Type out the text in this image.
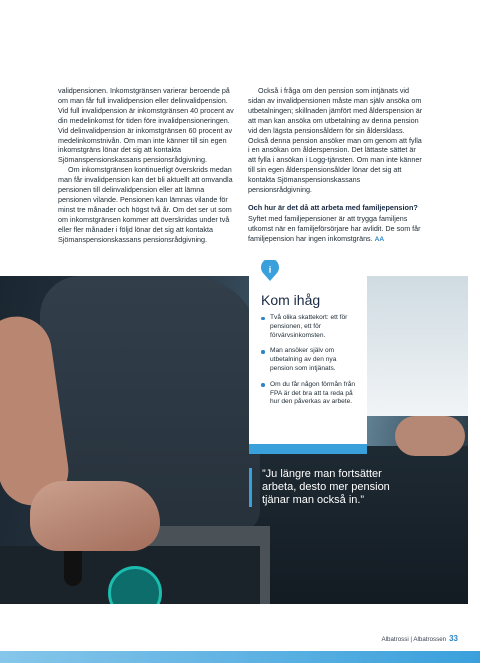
validpensionen. Inkomstgränsen varierar beroende på om man får full invalidpension eller delinvalidpension. Vid full invalidpension är inkomstgränsen 40 procent av din medelinkomst för tiden före invalidpensioneringen. Vid delinvalidpension är inkomstgränsen 60 procent av medelinkomstnivån. Om man inte känner till sin egen inkomstgräns lönar det sig att kontakta Sjömanspensionskassans pensionsrådgivning.

Om inkomstgränsen kontinuerligt överskrids medan man får invalidpension kan det bli aktuellt att omvandla pensionen till delinvalidpension eller att lämna pensionen vilande. Pensionen kan lämnas vilande för minst tre månader och högst två år. Om det ser ut som om inkomstgränsen kommer att överskridas under två eller fler månader i följd lönar det sig att kontakta Sjömanspensionskassans pensionsrådgivning.

Också i fråga om den pension som intjänats vid sidan av invalidpensionen måste man själv ansöka om utbetalningen; skillnaden jämfört med ålderspension är att man kan ansöka om utbetalning av denna pension vid den lägsta pensionsåldern för sin åldersklass. Också denna pension ansöker man om genom att fylla i en ansökan om ålderspension. Det lättaste sättet är att fylla i ansökan i Logg-tjänsten. Om man inte känner till sin egen ålderspensionsålder lönar det sig att kontakta Sjömanspensionskassans pensionsrådgivning.

Och hur är det då att arbeta med familjepension?

Syftet med familjepensioner är att trygga familjens utkomst när en familjeförsörjare har avlidit. De som får familjepension har ingen inkomstgräns. AA

i
Kom ihåg
Två olika skattekort: ett för pensionen, ett för förvärvsinkomsten.
Man ansöker själv om utbetalning av den nya pension som intjänats.
Om du får någon förmån från FPA är det bra att ta reda på hur den påverkas av arbete.
”Ju längre man fortsätter arbeta, desto mer pension tjänar man också in.”
Albatrossi | Albatrossen 33
